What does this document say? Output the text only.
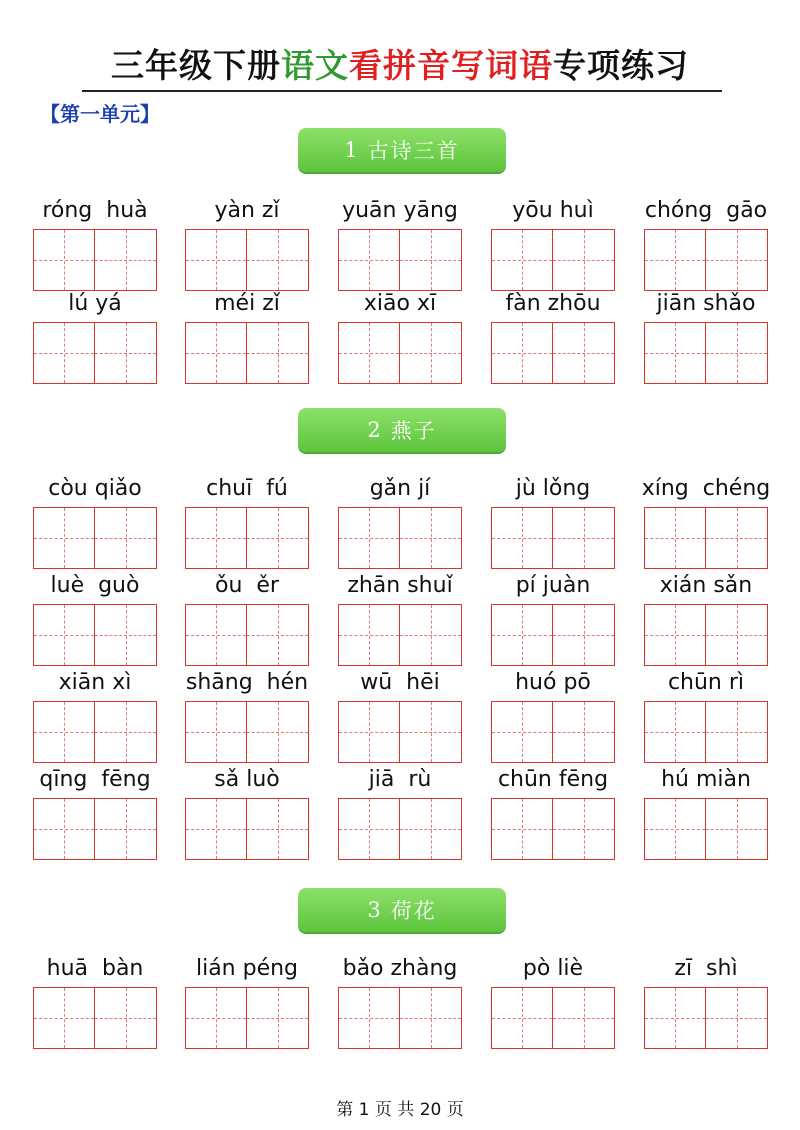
三年级下册语文看拼音写词语专项练习
【第一单元】
1 古诗三首
róng  huà	yàn zǐ	yuān yāng	yōu huì	chóng  gāo
lú yá	méi zǐ	xiāo xī	fàn zhōu	jiān shǎo
2 燕子
còu qiǎo	chuī  fú	gǎn jí	jù lǒng	xíng  chéng
luè  guò	ǒu  ěr	zhān shuǐ	pí juàn	xián sǎn
xiān xì	shāng  hén	wū  hēi	huó pō	chūn rì
qīng  fēng	sǎ luò	jiā  rù	chūn fēng	hú miàn
3 荷花
huā  bàn	lián péng	bǎo zhàng	pò liè	zī  shì
第 1 页 共 20 页
